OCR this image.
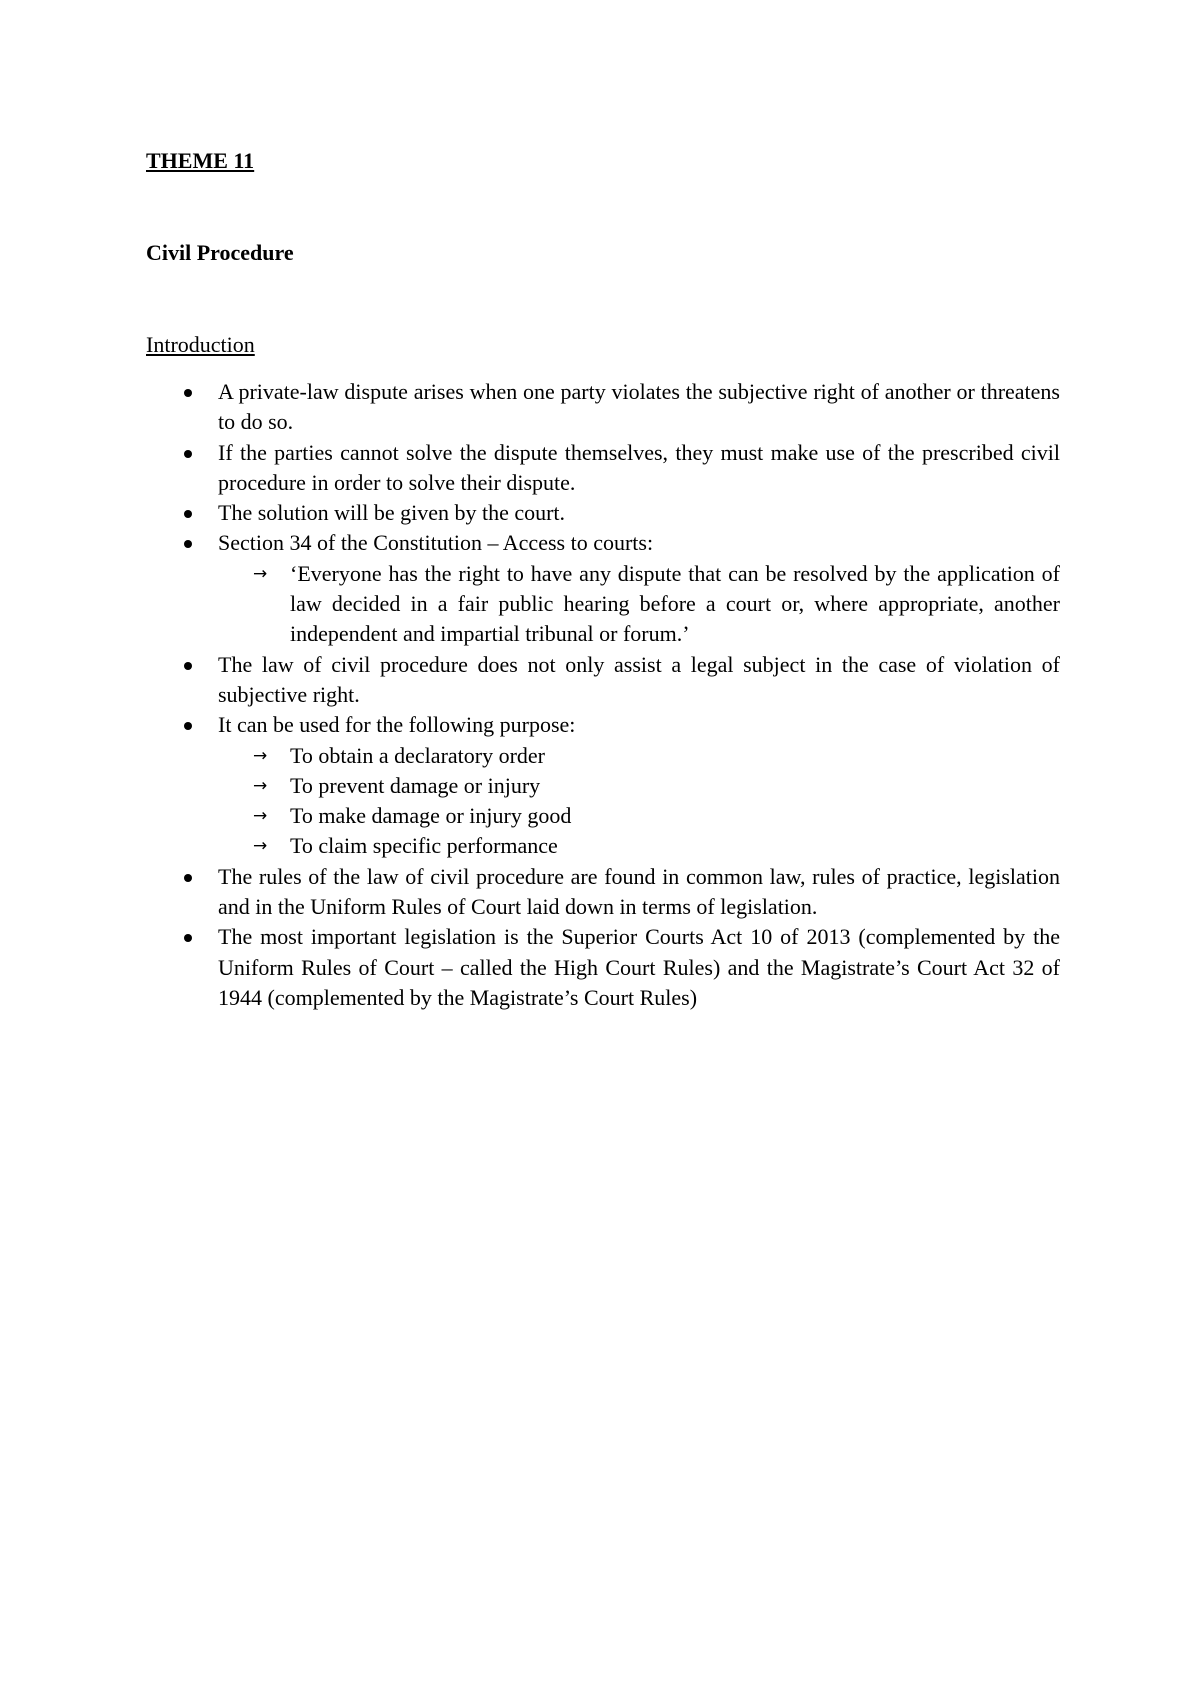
THEME 11

Civil Procedure

Introduction

A private-law dispute arises when one party violates the subjective right of another or threatens to do so.
If the parties cannot solve the dispute themselves, they must make use of the prescribed civil procedure in order to solve their dispute.
The solution will be given by the court.
Section 34 of the Constitution – Access to courts:
→ ‘Everyone has the right to have any dispute that can be resolved by the application of law decided in a fair public hearing before a court or, where appropriate, another independent and impartial tribunal or forum.’
The law of civil procedure does not only assist a legal subject in the case of violation of subjective right.
It can be used for the following purpose:
→ To obtain a declaratory order
→ To prevent damage or injury
→ To make damage or injury good
→ To claim specific performance
The rules of the law of civil procedure are found in common law, rules of practice, legislation and in the Uniform Rules of Court laid down in terms of legislation.
The most important legislation is the Superior Courts Act 10 of 2013 (complemented by the Uniform Rules of Court – called the High Court Rules) and the Magistrate’s Court Act 32 of 1944 (complemented by the Magistrate’s Court Rules)
